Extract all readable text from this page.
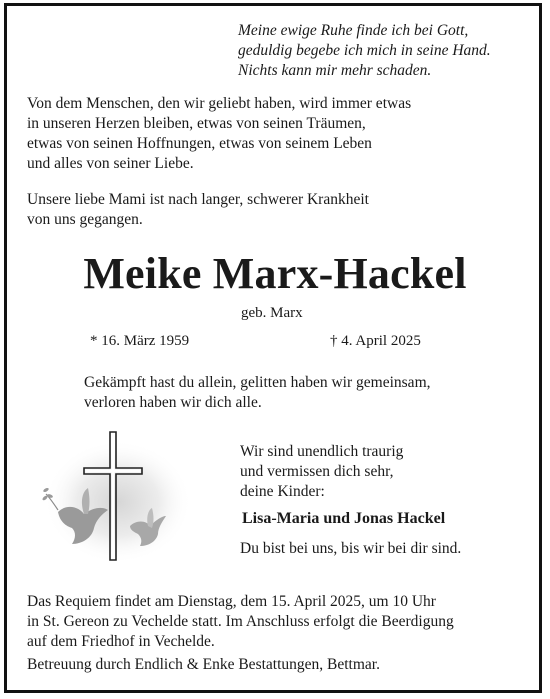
Meine ewige Ruhe finde ich bei Gott,
geduldig begebe ich mich in seine Hand.
Nichts kann mir mehr schaden.
Von dem Menschen, den wir geliebt haben, wird immer etwas
in unseren Herzen bleiben, etwas von seinen Träumen,
etwas von seinen Hoffnungen, etwas von seinem Leben
und alles von seiner Liebe.
Unsere liebe Mami ist nach langer, schwerer Krankheit
von uns gegangen.
Meike Marx-Hackel
geb. Marx
* 16. März 1959	† 4. April 2025
Gekämpft hast du allein, gelitten haben wir gemeinsam,
verloren haben wir dich alle.
Wir sind unendlich traurig
und vermissen dich sehr,
deine Kinder:
Lisa-Maria und Jonas Hackel
Du bist bei uns, bis wir bei dir sind.
Das Requiem findet am Dienstag, dem 15. April 2025, um 10 Uhr
in St. Gereon zu Vechelde statt. Im Anschluss erfolgt die Beerdigung
auf dem Friedhof in Vechelde.
Betreuung durch Endlich & Enke Bestattungen, Bettmar.
